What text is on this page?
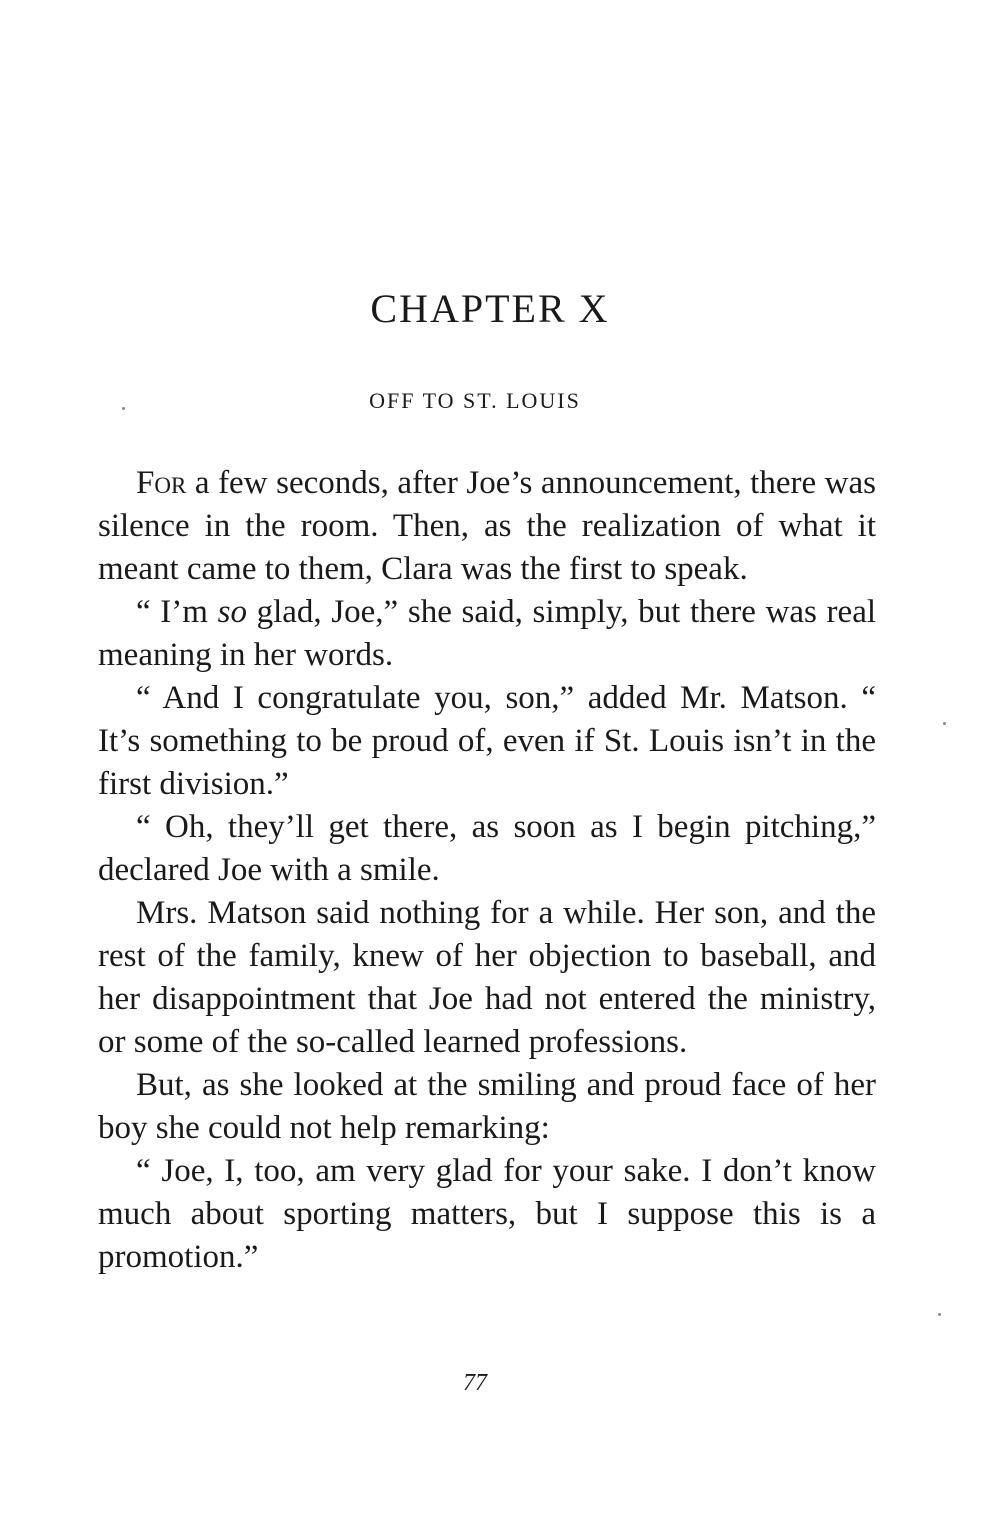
CHAPTER X
OFF TO ST. LOUIS

For a few seconds, after Joe’s announcement, there was silence in the room. Then, as the realization of what it meant came to them, Clara was the first to speak.

“ I’m so glad, Joe,” she said, simply, but there was real meaning in her words.

“ And I congratulate you, son,” added Mr. Matson. “ It’s something to be proud of, even if St. Louis isn’t in the first division.”

“ Oh, they’ll get there, as soon as I begin pitching,” declared Joe with a smile.

Mrs. Matson said nothing for a while. Her son, and the rest of the family, knew of her objection to baseball, and her disappointment that Joe had not entered the ministry, or some of the so-called learned professions.

But, as she looked at the smiling and proud face of her boy she could not help remarking:

“ Joe, I, too, am very glad for your sake. I don’t know much about sporting matters, but I suppose this is a promotion.”

77
